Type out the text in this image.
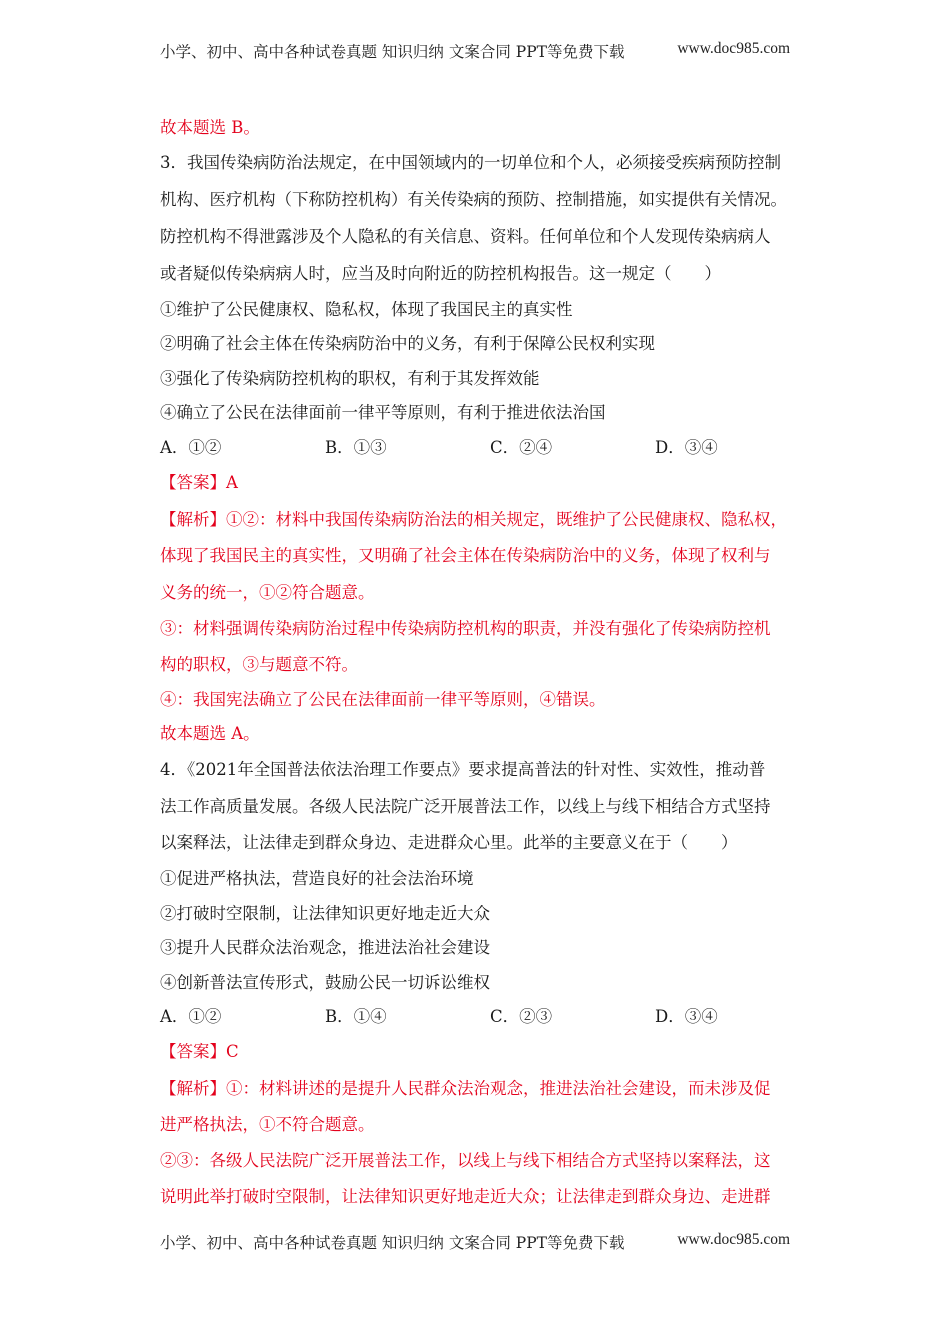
小学、初中、高中各种试卷真题 知识归纳 文案合同 PPT等免费下载	www.doc985.com
故本题选 B。
3．我国传染病防治法规定，在中国领域内的一切单位和个人，必须接受疾病预防控制
机构、医疗机构（下称防控机构）有关传染病的预防、控制措施，如实提供有关情况。
防控机构不得泄露涉及个人隐私的有关信息、资料。任何单位和个人发现传染病病人
或者疑似传染病病人时，应当及时向附近的防控机构报告。这一规定（　　）
①维护了公民健康权、隐私权，体现了我国民主的真实性
②明确了社会主体在传染病防治中的义务，有利于保障公民权利实现
③强化了传染病防控机构的职权，有利于其发挥效能
④确立了公民在法律面前一律平等原则，有利于推进依法治国
A．①②	B．①③	C．②④	D．③④
【答案】A
【解析】①②：材料中我国传染病防治法的相关规定，既维护了公民健康权、隐私权，
体现了我国民主的真实性，又明确了社会主体在传染病防治中的义务，体现了权利与
义务的统一，①②符合题意。
③：材料强调传染病防治过程中传染病防控机构的职责，并没有强化了传染病防控机
构的职权，③与题意不符。
④：我国宪法确立了公民在法律面前一律平等原则，④错误。
故本题选 A。
4．《2021年全国普法依法治理工作要点》要求提高普法的针对性、实效性，推动普
法工作高质量发展。各级人民法院广泛开展普法工作，以线上与线下相结合方式坚持
以案释法，让法律走到群众身边、走进群众心里。此举的主要意义在于（　　）
①促进严格执法，营造良好的社会法治环境
②打破时空限制，让法律知识更好地走近大众
③提升人民群众法治观念，推进法治社会建设
④创新普法宣传形式，鼓励公民一切诉讼维权
A．①②	B．①④	C．②③	D．③④
【答案】C
【解析】①：材料讲述的是提升人民群众法治观念，推进法治社会建设，而未涉及促
进严格执法，①不符合题意。
②③：各级人民法院广泛开展普法工作，以线上与线下相结合方式坚持以案释法，这
说明此举打破时空限制，让法律知识更好地走近大众；让法律走到群众身边、走进群
小学、初中、高中各种试卷真题 知识归纳 文案合同 PPT等免费下载	www.doc985.com
